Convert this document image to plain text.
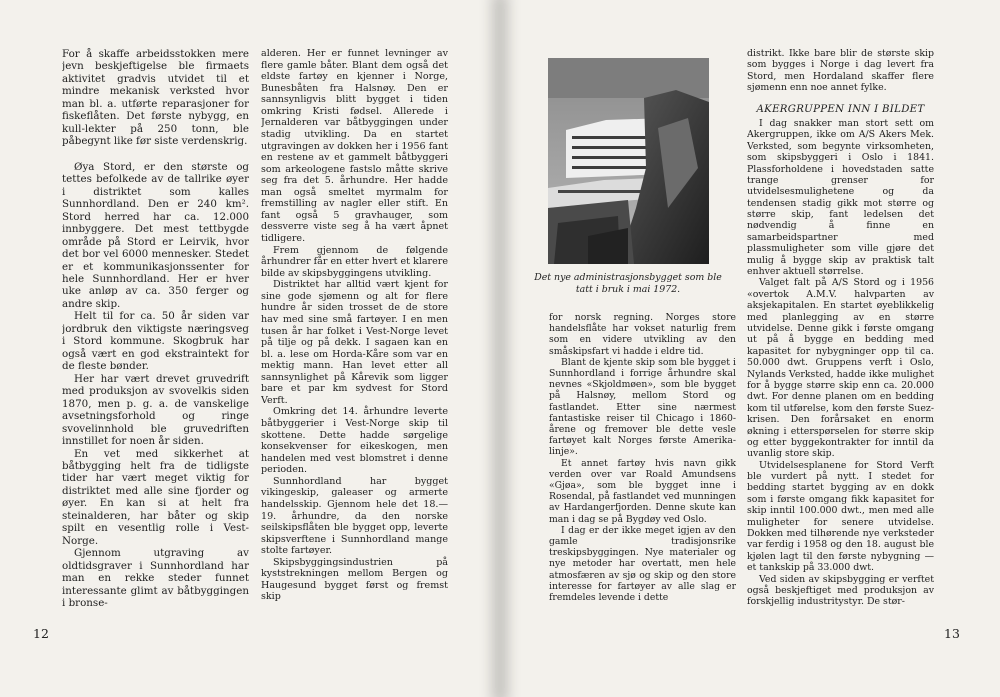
For å skaffe arbeidsstokken mere jevn beskjeftigelse ble firmaets aktivitet gradvis utvidet til et mindre mekanisk verksted hvor man bl. a. utførte reparasjoner for fiskeflåten. Det første nybygg, en kull-lekter på 250 tonn, ble påbegynt like før siste verdenskrig.

Øya Stord, er den største og tettes befolkede av de tallrike øyer i distriktet som kalles Sunnhordland. Den er 240 km². Stord herred har ca. 12.000 innbyggere. Det mest tettbygde område på Stord er Leirvik, hvor det bor vel 6000 mennesker. Stedet er et kommunikasjonssenter for hele Sunnhordland. Her er hver uke anløp av ca. 350 ferger og andre skip.

Helt til for ca. 50 år siden var jordbruk den viktigste næringsveg i Stord kommune. Skogbruk har også vært en god ekstraintekt for de fleste bønder.

Her har vært drevet gruvedrift med produksjon av svovelkis siden 1870, men p. g. a. de vanskelige avsetningsforhold og ringe svovelinnhold ble gruvedriften innstillet for noen år siden.

En vet med sikkerhet at båtbygging helt fra de tidligste tider har vært meget viktig for distriktet med alle sine fjorder og øyer. En kan si at helt fra steinalderen, har båter og skip spilt en vesentlig rolle i Vest-Norge.

Gjennom utgraving av oldtidsgraver i Sunnhordland har man en rekke steder funnet interessante glimt av båtbyggingen i bronse-

alderen. Her er funnet levninger av flere gamle båter. Blant dem også det eldste fartøy en kjenner i Norge, Bunesbåten fra Halsnøy. Den er sannsynligvis blitt bygget i tiden omkring Kristi fødsel. Allerede i Jernalderen var båtbyggingen under stadig utvikling. Da en startet utgravingen av dokken her i 1956 fant en restene av et gammelt båtbyggeri som arkeologene fastslo måtte skrive seg fra det 5. århundre. Her hadde man også smeltet myrmalm for fremstilling av nagler eller stift. En fant også 5 gravhauger, som dessverre viste seg å ha vært åpnet tidligere.

Frem gjennom de følgende århundrer får en etter hvert et klarere bilde av skipsbyggingens utvikling.

Distriktet har alltid vært kjent for sine gode sjømenn og alt for flere hundre år siden trosset de de store hav med sine små fartøyer. I en men tusen år har folket i Vest-Norge levet på tilje og på dekk. I sagaen kan en bl. a. lese om Horda-Kåre som var en mektig mann. Han levet etter all sannsynlighet på Kårevik som ligger bare et par km sydvest for Stord Verft.

Omkring det 14. århundre leverte båtbyggerier i Vest-Norge skip til skottene. Dette hadde sørgelige konsekvenser for eikeskogen, men handelen med vest blomstret i denne perioden.

Sunnhordland har bygget vikingeskip, galeaser og armerte handelsskip. Gjennom hele det 18.—19. århundre, da den norske seilskipsflåten ble bygget opp, leverte skipsverftene i Sunnhordland mange stolte fartøyer.

Skipsbyggingsindustrien på kyststrekningen mellom Bergen og Haugesund bygget først og fremst skip

12
Det nye administrasjonsbygget som ble tatt i bruk i mai 1972.

for norsk regning. Norges store handelsflåte har vokset naturlig frem som en videre utvikling av den småskipsfart vi hadde i eldre tid.

Blant de kjente skip som ble bygget i Sunnhordland i forrige århundre skal nevnes «Skjoldmøen», som ble bygget på Halsnøy, mellom Stord og fastlandet. Etter sine nærmest fantastiske reiser til Chicago i 1860-årene og fremover ble dette vesle fartøyet kalt Norges første Amerika-linje».

Et annet fartøy hvis navn gikk verden over var Roald Amundsens «Gjøa», som ble bygget inne i Rosendal, på fastlandet ved munningen av Hardangerfjorden. Denne skute kan man i dag se på Bygdøy ved Oslo.

I dag er der ikke meget igjen av den gamle tradisjonsrike treskipsbyggingen. Nye materialer og nye metoder har overtatt, men hele atmosfæren av sjø og skip og den store interesse for fartøyer av alle slag er fremdeles levende i dette

distrikt. Ikke bare blir de største skip som bygges i Norge i dag levert fra Stord, men Hordaland skaffer flere sjømenn enn noe annet fylke.

AKERGRUPPEN INN I BILDET

I dag snakker man stort sett om Akergruppen, ikke om A/S Akers Mek. Verksted, som begynte virksomheten, som skipsbyggeri i Oslo i 1841. Plassforholdene i hovedstaden satte trange grenser for utvidelsesmulighetene og da tendensen stadig gikk mot større og større skip, fant ledelsen det nødvendig å finne en samarbeidspartner med plassmuligheter som ville gjøre det mulig å bygge skip av praktisk talt enhver aktuell størrelse.

Valget falt på A/S Stord og i 1956 «overtok A.M.V. halvparten av aksjekapitalen. En startet øyeblikkelig med planlegging av en større utvidelse. Denne gikk i første omgang ut på å bygge en bedding med kapasitet for nybygninger opp til ca. 50.000 dwt. Gruppens verft i Oslo, Nylands Verksted, hadde ikke mulighet for å bygge større skip enn ca. 20.000 dwt. For denne planen om en bedding kom til utførelse, kom den første Suez-krisen. Den forårsaket en enorm økning i etterspørselen for større skip og etter byggekontrakter for inntil da uvanlig store skip.

Utvidelsesplanene for Stord Verft ble vurdert på nytt. I stedet for bedding startet bygging av en dokk som i første omgang fikk kapasitet for skip inntil 100.000 dwt., men med alle muligheter for senere utvidelse. Dokken med tilhørende nye verksteder var ferdig i 1958 og den 18. august ble kjølen lagt til den første nybygning — et tankskip på 33.000 dwt.

Ved siden av skipsbygging er verftet også beskjeftiget med produksjon av forskjellig industritystyr. De stør-

13
